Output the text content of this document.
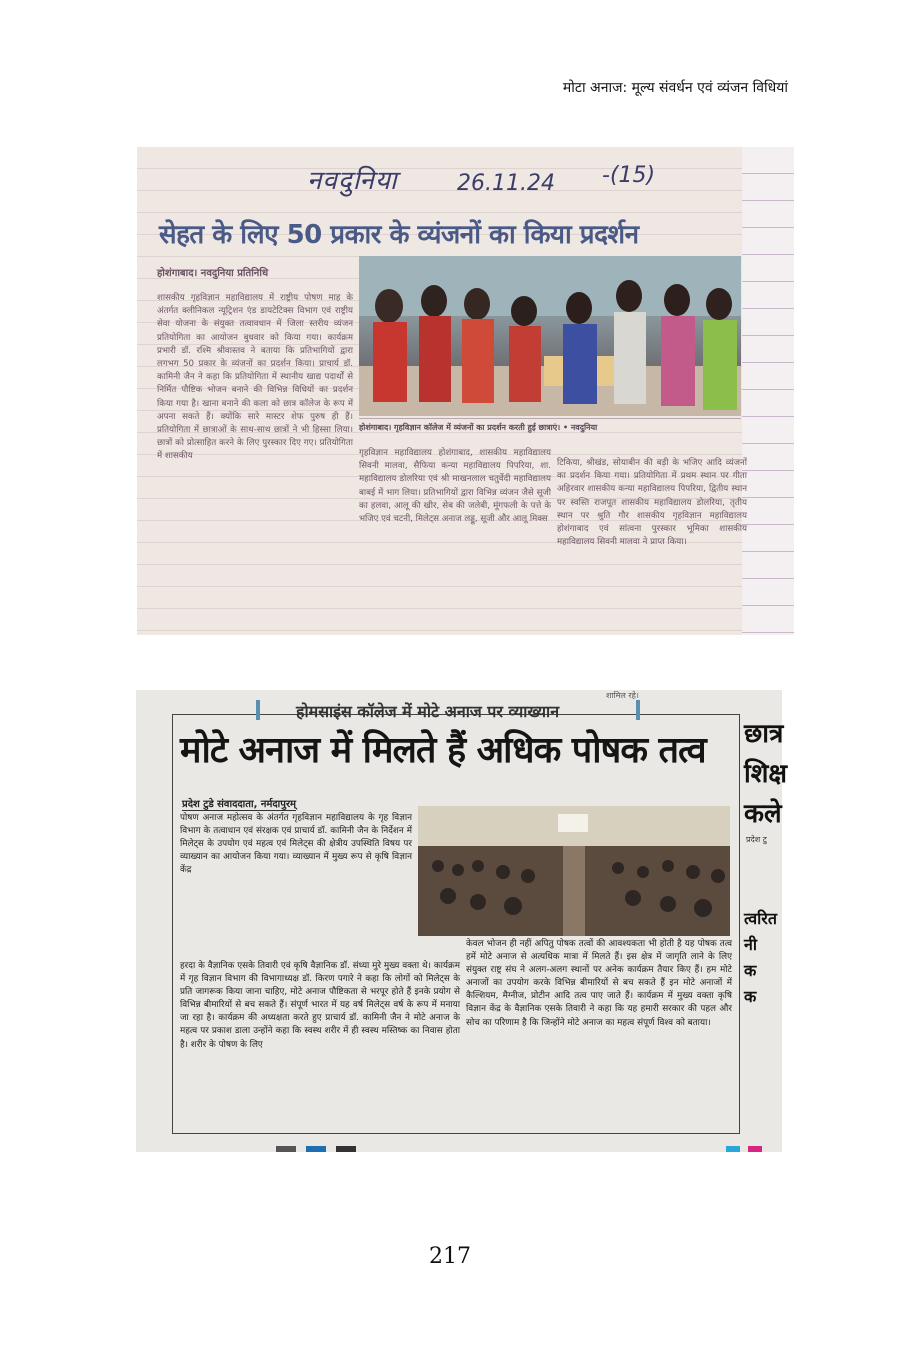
मोटा अनाज: मूल्य संवर्धन एवं व्यंजन विधियां
नवदुनिया	26.11.24 -(15)
सेहत के लिए 50 प्रकार के व्यंजनों का किया प्रदर्शन
होशंगाबाद। नवदुनिया प्रतिनिधि
होशंगाबाद। गृहविज्ञान कॉलेज में व्यंजनों का प्रदर्शन करती हुई छात्राएं। • नवदुनिया
शासकीय गृहविज्ञान महाविद्यालय में राष्ट्रीय पोषण माह के अंतर्गत क्लीनिकल न्यूट्रिशन एंड डायटेटिक्स विभाग एवं राष्ट्रीय सेवा योजना के संयुक्त तत्वावधान में जिला स्तरीय व्यंजन प्रतियोगिता का आयोजन बुधवार को किया गया। कार्यक्रम प्रभारी डॉ. रश्मि श्रीवास्तव ने बताया कि प्रतिभागियों द्वारा लगभग 50 प्रकार के व्यंजनों का प्रदर्शन किया। प्राचार्य डॉ. कामिनी जैन ने कहा कि प्रतियोगिता में स्थानीय खाद्य पदार्थों से निर्मित पौष्टिक भोजन बनाने की विभिन्न विधियों का प्रदर्शन किया गया है। खाना बनाने की कला को छात्र कॉलेज के रूप में अपना सकते हैं। क्योंकि सारे मास्टर शेफ पुरुष ही हैं। प्रतियोगिता में छात्राओं के साथ-साथ छात्रों ने भी हिस्सा लिया। छात्रों को प्रोत्साहित करने के लिए पुरस्कार दिए गए। प्रतियोगिता में शासकीय	गृहविज्ञान महाविद्यालय होशंगाबाद, शासकीय महाविद्यालय सिवनी मालवा, सैफिया कन्या महाविद्यालय पिपरिया, शा. महाविद्यालय डोलरिया एवं श्री माखनलाल चतुर्वेदी महाविद्यालय बाबई में भाग लिया। प्रतिभागियों द्वारा विभिन्न व्यंजन जैसे सूजी का हलवा, आलू की खीर, सेब की जलेबी, मूंगफली के पत्ते के भजिए एवं चटनी, मिलेट्स अनाज लड्डू, सूजी और आलू मिक्स
टिकिया, श्रीखंड, सोयाबीन की बड़ी के भजिए आदि व्यंजनों का प्रदर्शन किया गया। प्रतियोगिता में प्रथम स्थान पर गीता अहिरवार शासकीय कन्या महाविद्यालय पिपरिया, द्वितीय स्थान पर स्वस्ति राजपूत शासकीय महाविद्यालय डोलरिया, तृतीय स्थान पर श्रुति गौर शासकीय गृहविज्ञान महाविद्यालय होशंगाबाद एवं सांत्वना पुरस्कार भूमिका शासकीय महाविद्यालय सिवनी मालवा ने प्राप्त किया।
शामिल रहे।
होमसाइंस कॉलेज में मोटे अनाज पर व्याख्यान
मोटे अनाज में मिलते हैं अधिक पोषक तत्व
प्रदेश टुडे संवाददाता, नर्मदापुरम्
पोषण अनाज महोत्सव के अंतर्गत गृहविज्ञान महाविद्यालय के गृह विज्ञान विभाग के तत्वाधान एवं संरक्षक एवं प्राचार्य डॉ. कामिनी जैन के निर्देशन में मिलेट्स के उपयोग एवं महत्व एवं मिलेट्स की क्षेत्रीय उपस्थिति विषय पर व्याख्यान का आयोजन किया गया। व्याख्यान में मुख्य रूप से कृषि विज्ञान केंद्र
हरदा के वैज्ञानिक एसके तिवारी एवं कृषि वैज्ञानिक डॉ. संध्या मुरे मुख्य वक्ता थे। कार्यक्रम में गृह विज्ञान विभाग की विभागाध्यक्ष डॉ. किरण पगारे ने कहा कि लोगों को मिलेट्स के प्रति जागरूक किया जाना चाहिए, मोटे अनाज पौष्टिकता से भरपूर होते हैं इनके प्रयोग से विभिन्न बीमारियों से बच सकते हैं। संपूर्ण भारत में यह वर्ष मिलेट्स वर्ष के रूप में मनाया जा रहा है। कार्यक्रम की अध्यक्षता करते हुए प्राचार्य डॉ. कामिनी जैन ने मोटे अनाज के महत्व पर प्रकाश डाला उन्होंने कहा कि स्वस्थ शरीर में ही स्वस्थ मस्तिष्क का निवास होता है। शरीर के पोषण के लिए
केवल भोजन ही नहीं अपितु पोषक तत्वों की आवश्यकता भी होती है यह पोषक तत्व हमें मोटे अनाज से अत्यधिक मात्रा में मिलते हैं। इस क्षेत्र में जागृति लाने के लिए संयुक्त राष्ट्र संघ ने अलग-अलग स्थानों पर अनेक कार्यक्रम तैयार किए हैं। हम मोटे अनाजों का उपयोग करके विभिन्न बीमारियों से बच सकते हैं इन मोटे अनाजों में कैल्शियम, मैग्नीज, प्रोटीन आदि तत्व पाए जाते हैं। कार्यक्रम में मुख्य वक्ता कृषि विज्ञान केंद्र के वैज्ञानिक एसके तिवारी ने कहा कि यह हमारी सरकार की पहल और सोच का परिणाम है कि जिन्होंने मोटे अनाज का महत्व संपूर्ण विश्व को बताया।
छात्र
शिक्ष
कले
प्रदेश टु
त्वरित
नी
क
क
217
